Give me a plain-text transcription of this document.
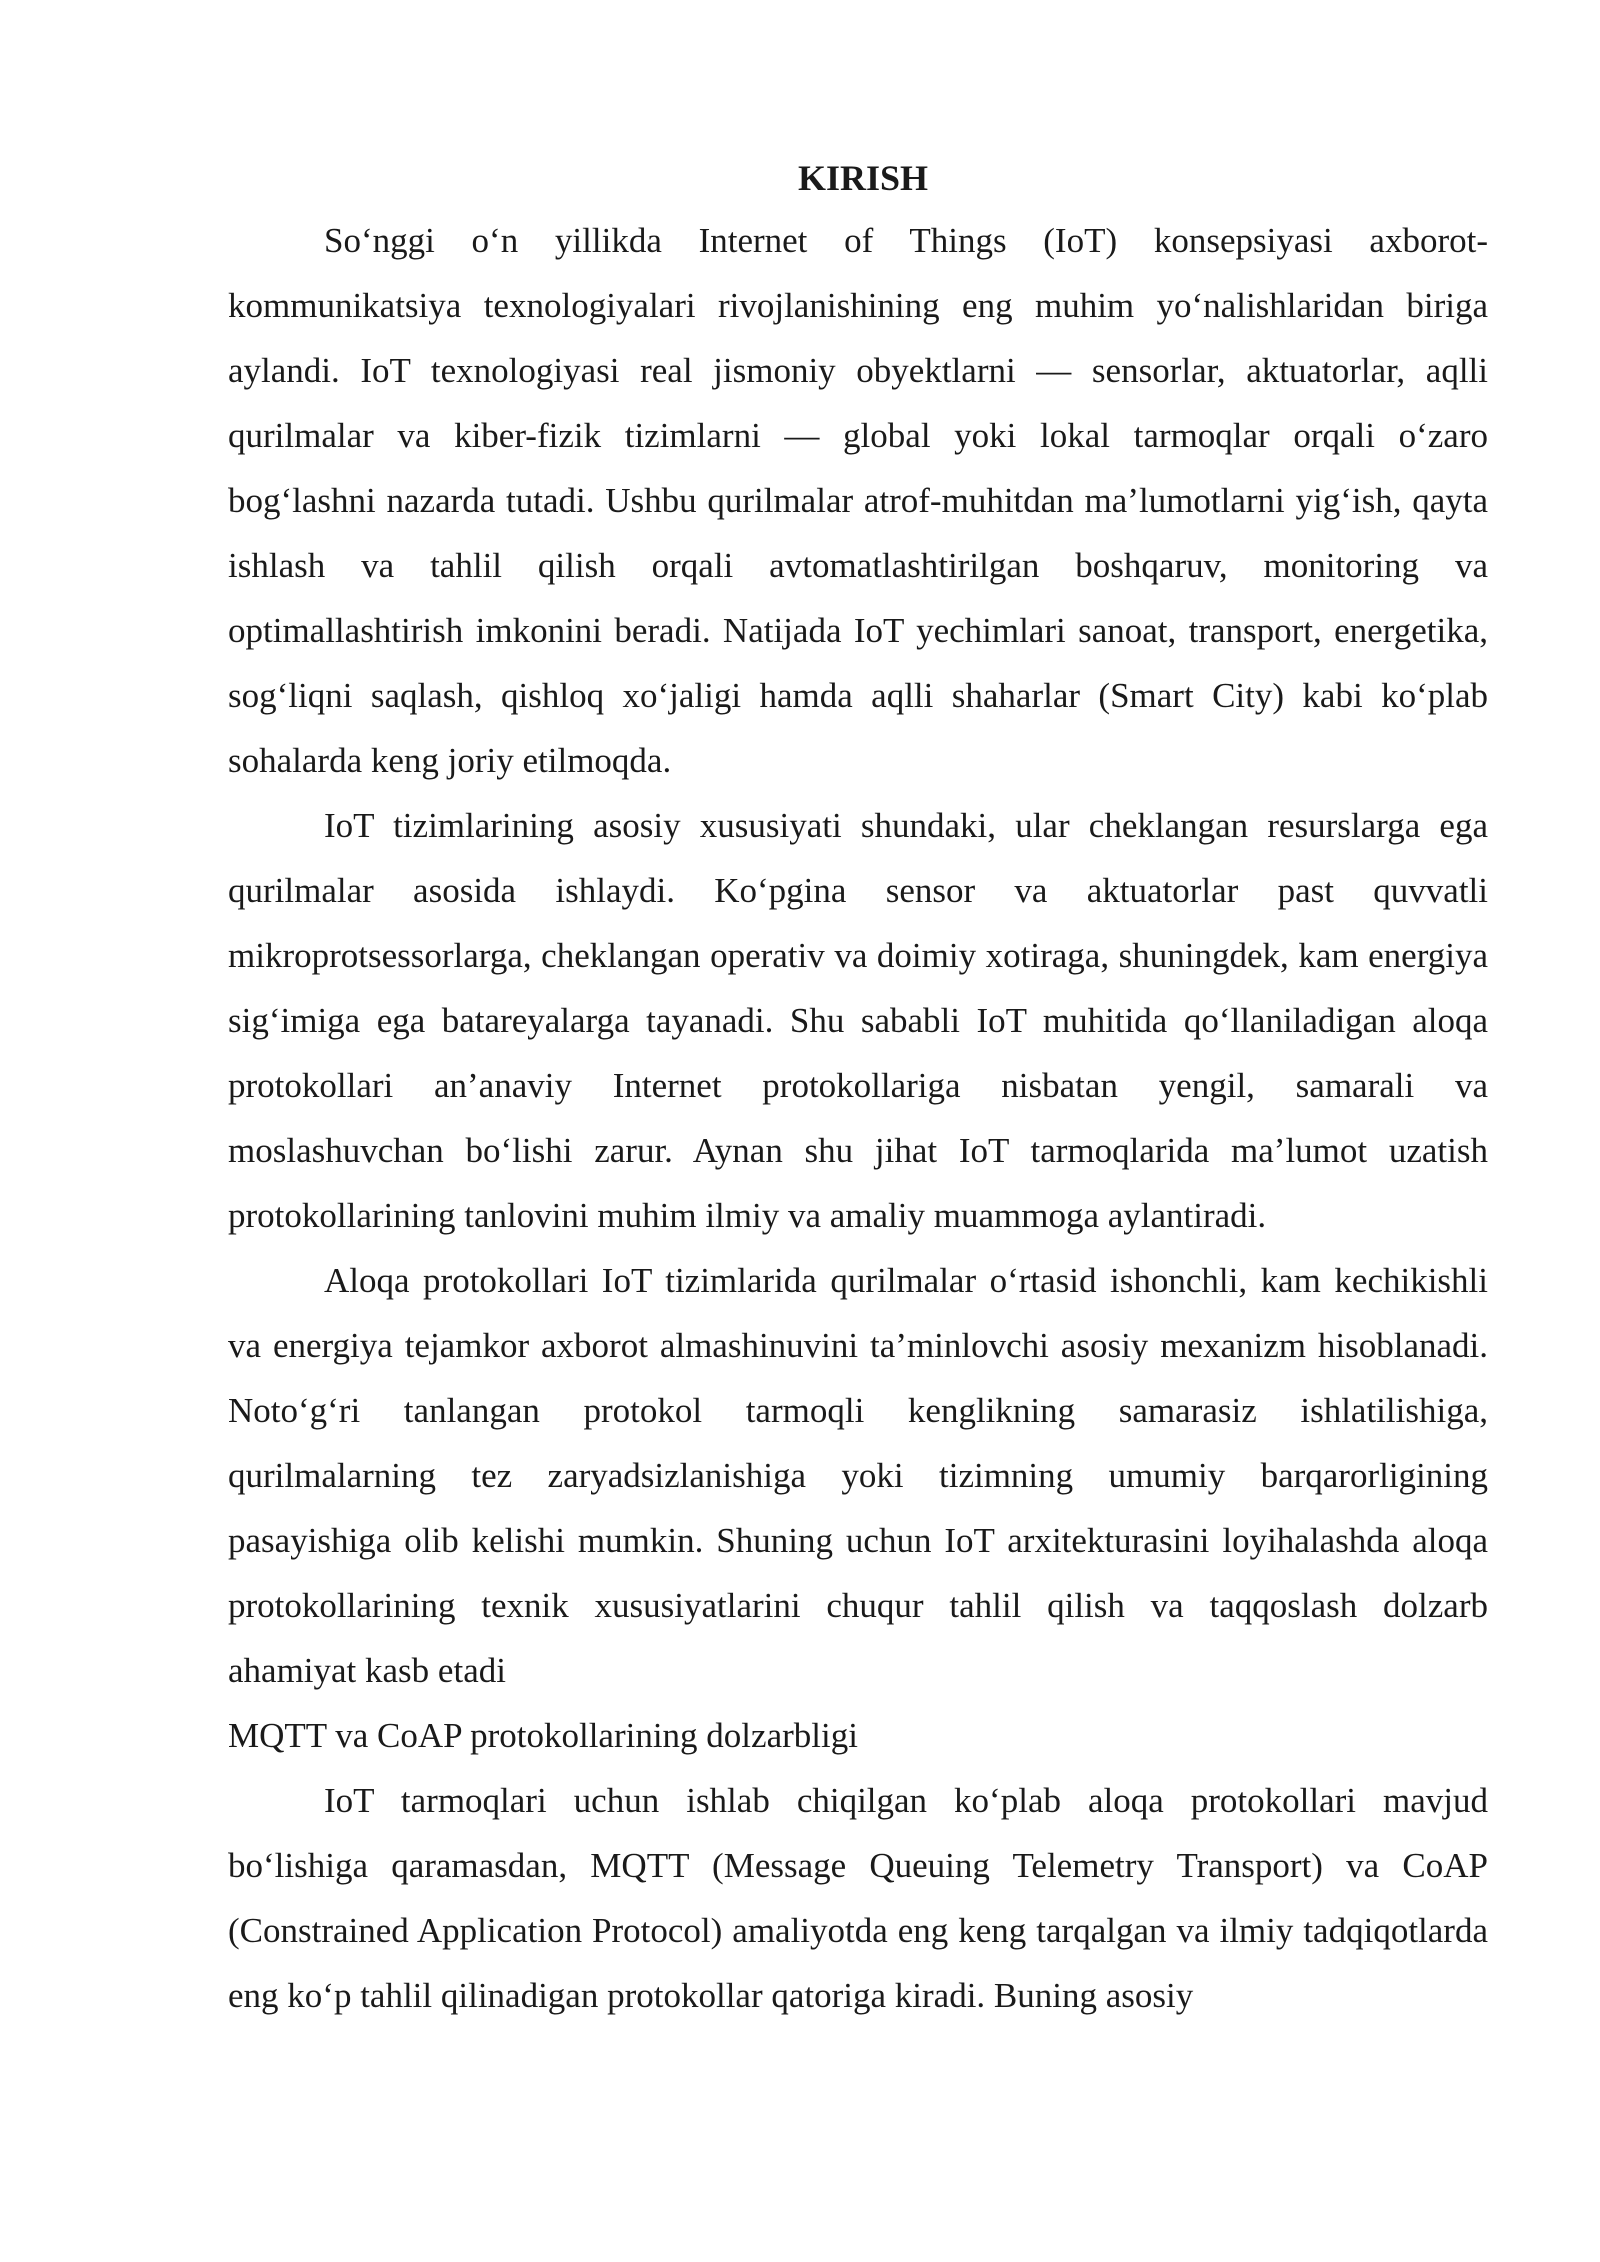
KIRISH

So‘nggi o‘n yillikda Internet of Things (IoT) konsepsiyasi axborot-kommunikatsiya texnologiyalari rivojlanishining eng muhim yo‘nalishlaridan biriga aylandi. IoT texnologiyasi real jismoniy obyektlarni — sensorlar, aktuatorlar, aqlli qurilmalar va kiber-fizik tizimlarni — global yoki lokal tarmoqlar orqali o‘zaro bog‘lashni nazarda tutadi. Ushbu qurilmalar atrof-muhitdan ma’lumotlarni yig‘ish, qayta ishlash va tahlil qilish orqali avtomatlashtirilgan boshqaruv, monitoring va optimallashtirish imkonini beradi. Natijada IoT yechimlari sanoat, transport, energetika, sog‘liqni saqlash, qishloq xo‘jaligi hamda aqlli shaharlar (Smart City) kabi ko‘plab sohalarda keng joriy etilmoqda.

IoT tizimlarining asosiy xususiyati shundaki, ular cheklangan resurslarga ega qurilmalar asosida ishlaydi. Ko‘pgina sensor va aktuatorlar past quvvatli mikroprotsessorlarga, cheklangan operativ va doimiy xotiraga, shuningdek, kam energiya sig‘imiga ega batareyalarga tayanadi. Shu sababli IoT muhitida qo‘llaniladigan aloqa protokollari an’anaviy Internet protokollariga nisbatan yengil, samarali va moslashuvchan bo‘lishi zarur. Aynan shu jihat IoT tarmoqlarida ma’lumot uzatish protokollarining tanlovini muhim ilmiy va amaliy muammoga aylantiradi.

Aloqa protokollari IoT tizimlarida qurilmalar o‘rtasid ishonchli, kam kechikishli va energiya tejamkor axborot almashinuvini ta’minlovchi asosiy mexanizm hisoblanadi. Noto‘g‘ri tanlangan protokol tarmoqli kenglikning samarasiz ishlatilishiga, qurilmalarning tez zaryadsizlanishiga yoki tizimning umumiy barqarorligining pasayishiga olib kelishi mumkin. Shuning uchun IoT arxitekturasini loyihalashda aloqa protokollarining texnik xususiyatlarini chuqur tahlil qilish va taqqoslash dolzarb ahamiyat kasb etadi

MQTT va CoAP protokollarining dolzarbligi

IoT tarmoqlari uchun ishlab chiqilgan ko‘plab aloqa protokollari mavjud bo‘lishiga qaramasdan, MQTT (Message Queuing Telemetry Transport) va CoAP (Constrained Application Protocol) amaliyotda eng keng tarqalgan va ilmiy tadqiqotlarda eng ko‘p tahlil qilinadigan protokollar qatoriga kiradi. Buning asosiy
